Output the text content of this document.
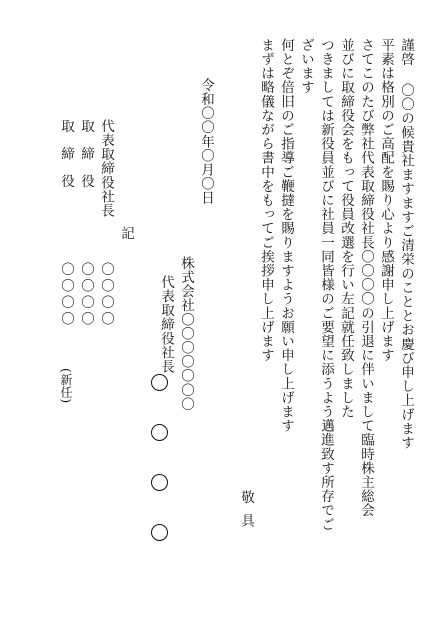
謹啓
　〇〇の候貴社ますますご清栄のこととお慶び申し上げます
平素は格別のご高配を賜り心より感謝申し上げます
さてこのたび弊社代表取締役社長〇〇〇〇の引退に伴いまして臨時株主総会
並びに取締役会をもって役員改選を行い左記就任致しました
つきましては新役員並びに社員一同皆様のご要望に添うよう邁進致す所存でご
ざいます
何とぞ倍旧のご指導ご鞭撻を賜りますようお願い申し上げます
まずは略儀ながら書中をもってご挨拶申し上げます
敬具
令和〇〇年〇月〇日
株式会社〇〇〇〇〇〇〇
代表取締役社長
記
代表取締役社長
〇〇〇〇
取締役
〇〇〇〇
取締役
〇〇〇〇
(新任)
